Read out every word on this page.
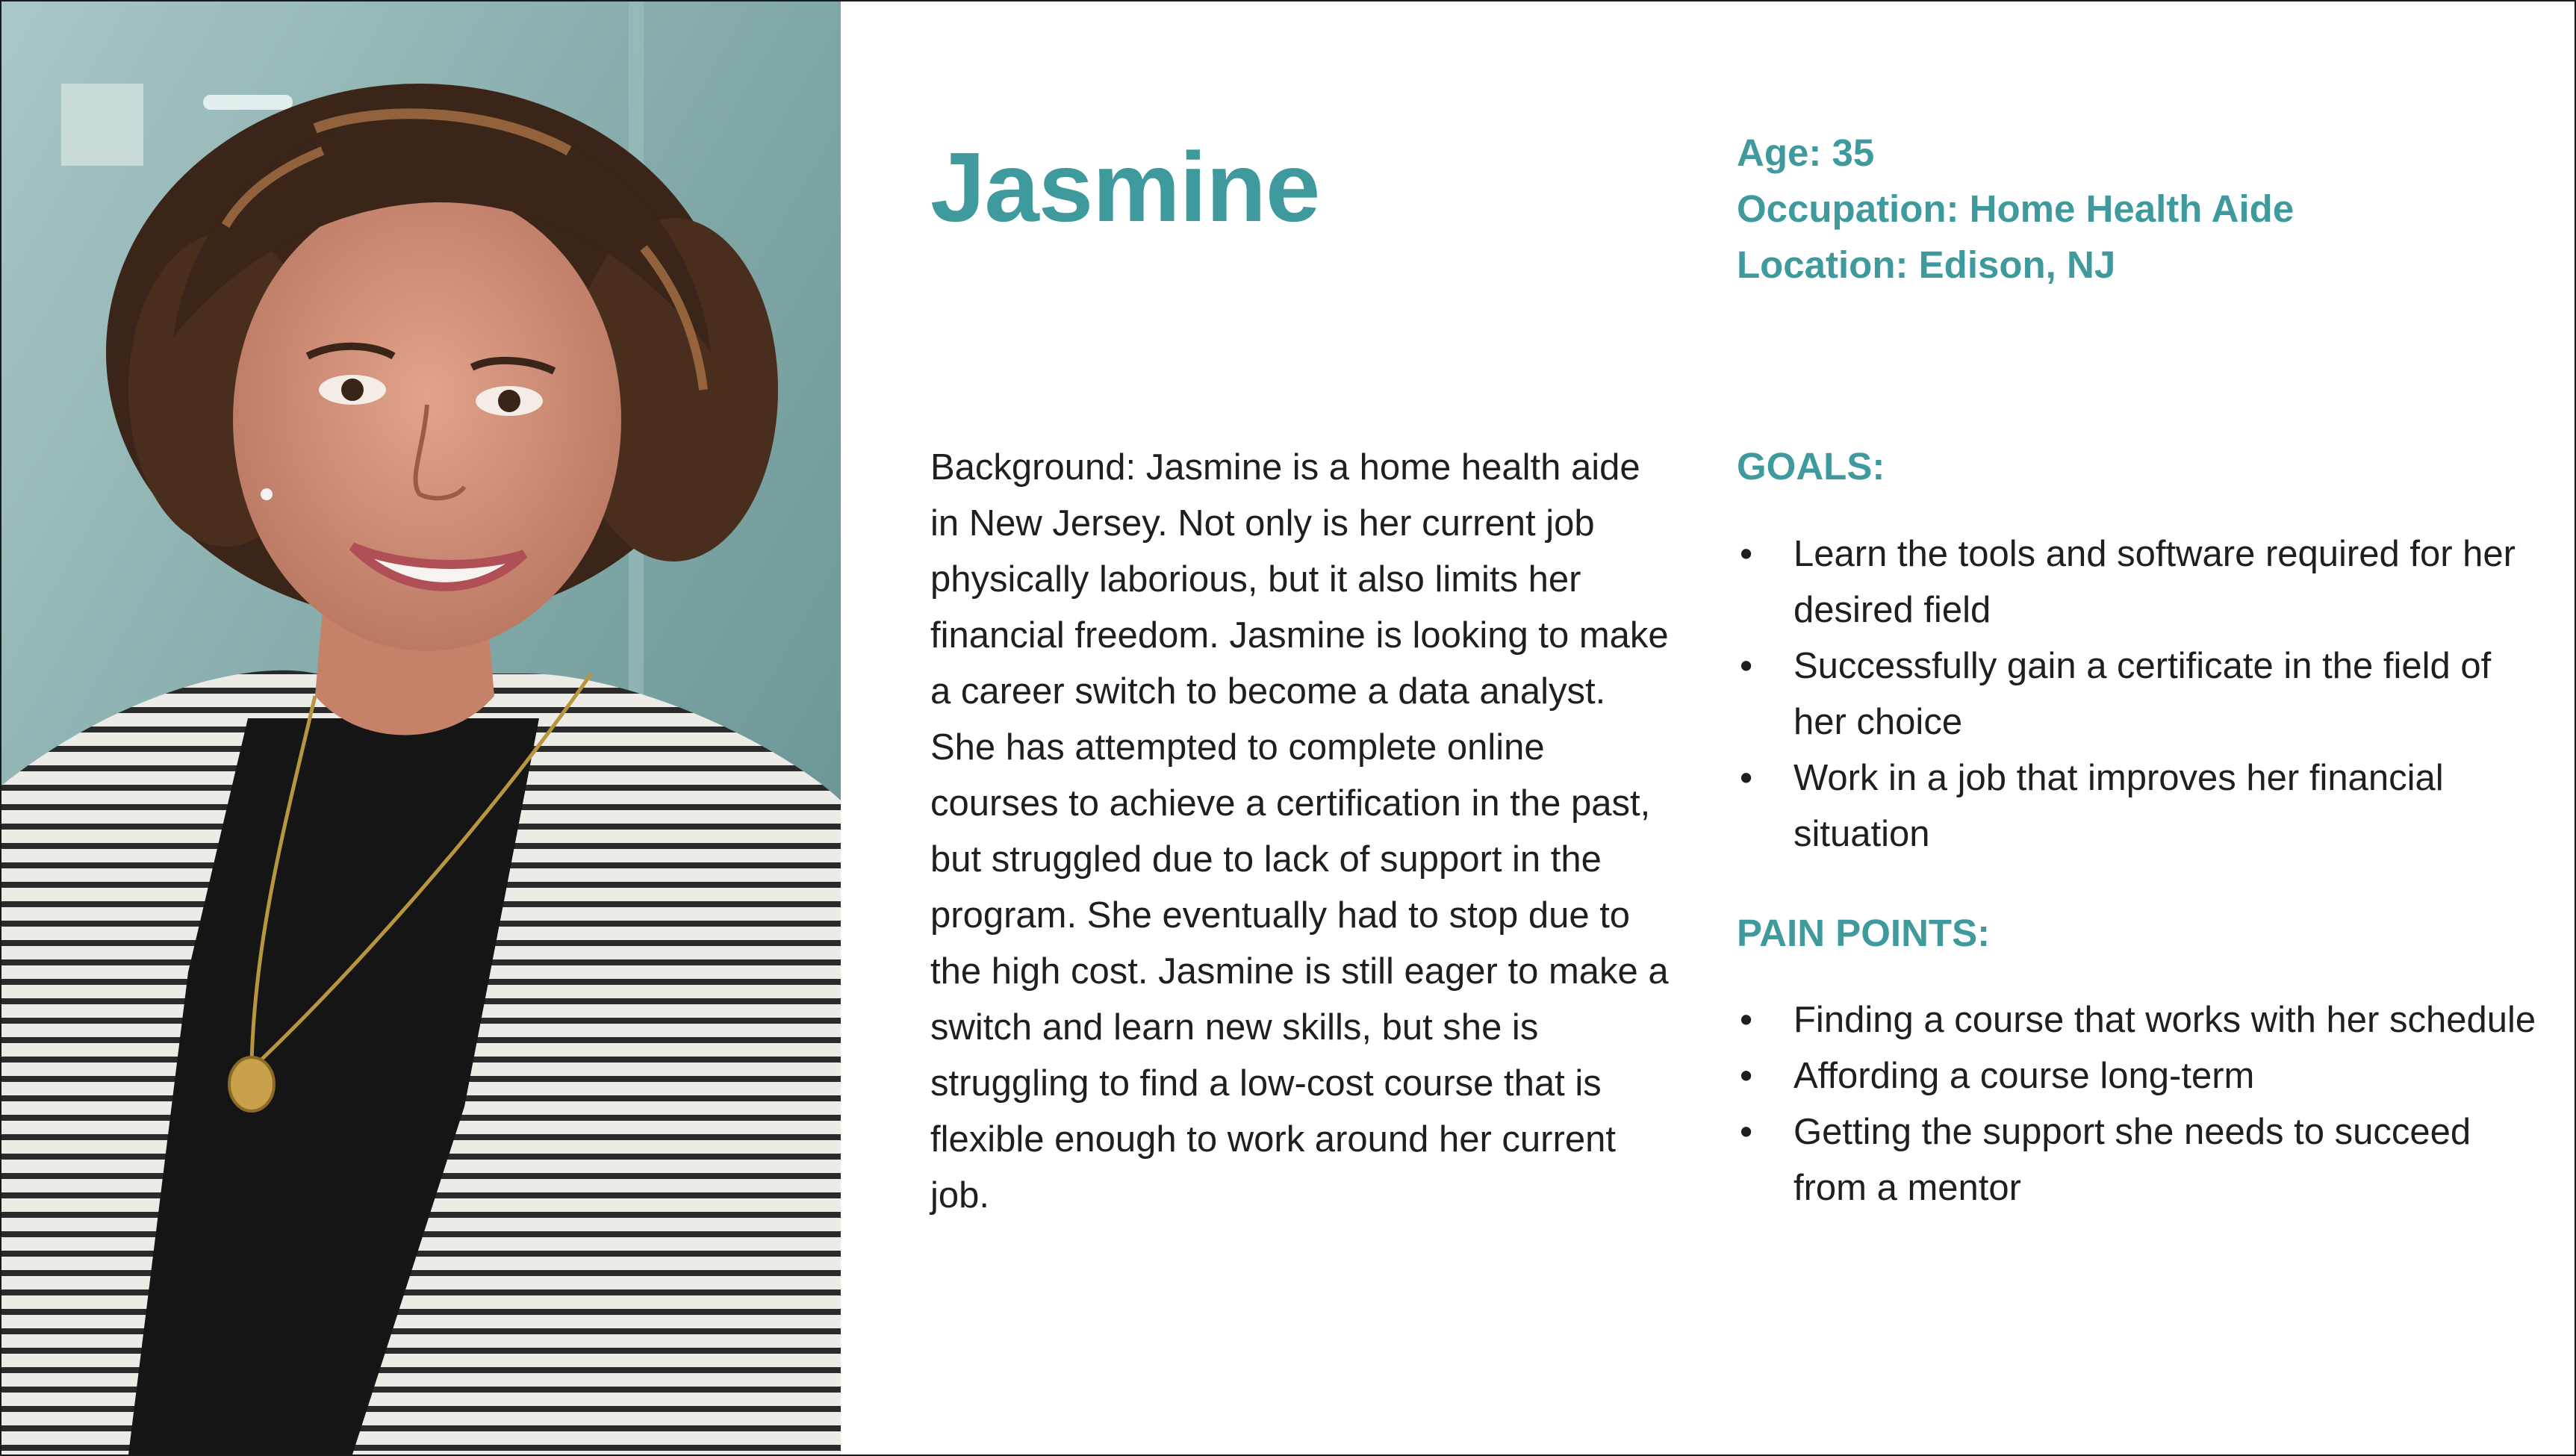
Jasmine	Age: 35
Occupation: Home Health Aide
Location: Edison, NJ
Background: Jasmine is a home health aide in New Jersey. Not only is her current job physically laborious, but it also limits her financial freedom. Jasmine is looking to make a career switch to become a data analyst. She has attempted to complete online courses to achieve a certification in the past, but struggled due to lack of support in the program. She eventually had to stop due to the high cost. Jasmine is still eager to make a switch and learn new skills, but she is struggling to find a low-cost course that is flexible enough to work around her current job.
GOALS:
•	Learn the tools and software required for her desired field
•	Successfully gain a certificate in the field of her choice
•	Work in a job that improves her financial situation
PAIN POINTS:
•	Finding a course that works with her schedule
•	Affording a course long-term
•	Getting the support she needs to succeed from a mentor
